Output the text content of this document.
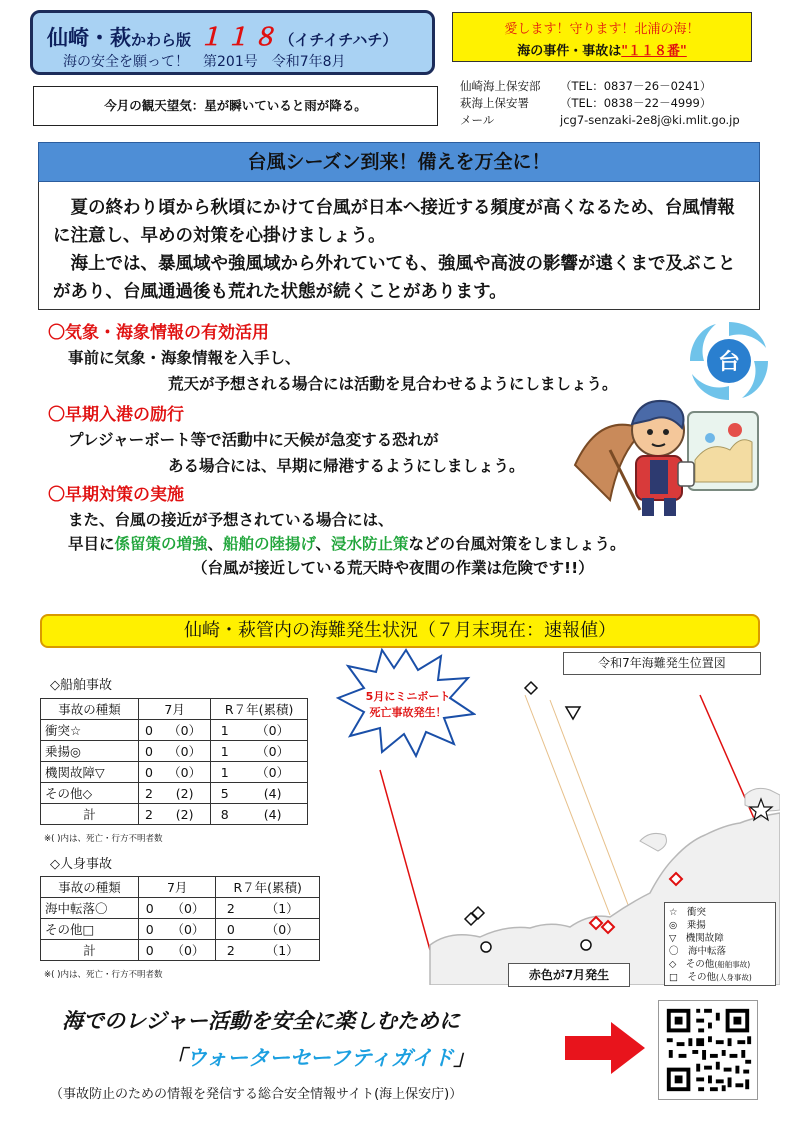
仙崎・萩かわら版 １１８（イチイチハチ）
海の安全を願って！　第201号　令和7年8月
愛します！守ります！北浦の海！
海の事件・事故は"１１８番"
仙崎海上保安部 （TEL：0837－26－0241）
萩海上保安署	（TEL：0838－22－4999）
メール	jcg7-senzaki-2e8j@ki.mlit.go.jp
今月の観天望気：星が瞬いていると雨が降る。
台風シーズン到来！備えを万全に！

夏の終わり頃から秋頃にかけて台風が日本へ接近する頻度が高くなるため、台風情報に注意し、早めの対策を心掛けましょう。

海上では、暴風域や強風域から外れていても、強風や高波の影響が遠くまで及ぶことがあり、台風通過後も荒れた状態が続くことがあります。

〇気象・海象情報の有効活用
事前に気象・海象情報を入手し、
荒天が予想される場合には活動を見合わせるようにしましょう。
〇早期入港の励行
プレジャーボート等で活動中に天候が急変する恐れが
ある場合には、早期に帰港するようにしましょう。
〇早期対策の実施
また、台風の接近が予想されている場合には、
早目に係留策の増強、船舶の陸揚げ、浸水防止策などの台風対策をしましょう。
（台風が接近している荒天時や夜間の作業は危険です!!）
台
仙崎・萩管内の海難発生状況（７月末現在：速報値）
◇船舶事故
事故の種類	7月		R７年(累積)	
衝突☆	0	（0）	1	（0）
乗揚◎	0	（0）	1	（0）
機関故障▽	0	（0）	1	（0）
その他◇	2	(2)	5	(4)
計	2	(2)	8	(4)
※( )内は、死亡・行方不明者数
◇人身事故
事故の種類	7月		R７年(累積)	
海中転落〇	0	（0）	2	（1）
その他□	0	（0）	0	（0）
計	0	（0）	2	（1）
※( )内は、死亡・行方不明者数
令和7年海難発生位置図
5月にミニボート
死亡事故発生！
☆　衝突
◎　乗揚
▽　機関故障
〇　海中転落
◇　その他(船舶事故)
□　その他(人身事故)
赤色が7月発生
海でのレジャー活動を安全に楽しむために
「ウォーターセーフティガイド」
（事故防止のための情報を発信する総合安全情報サイト(海上保安庁)）
